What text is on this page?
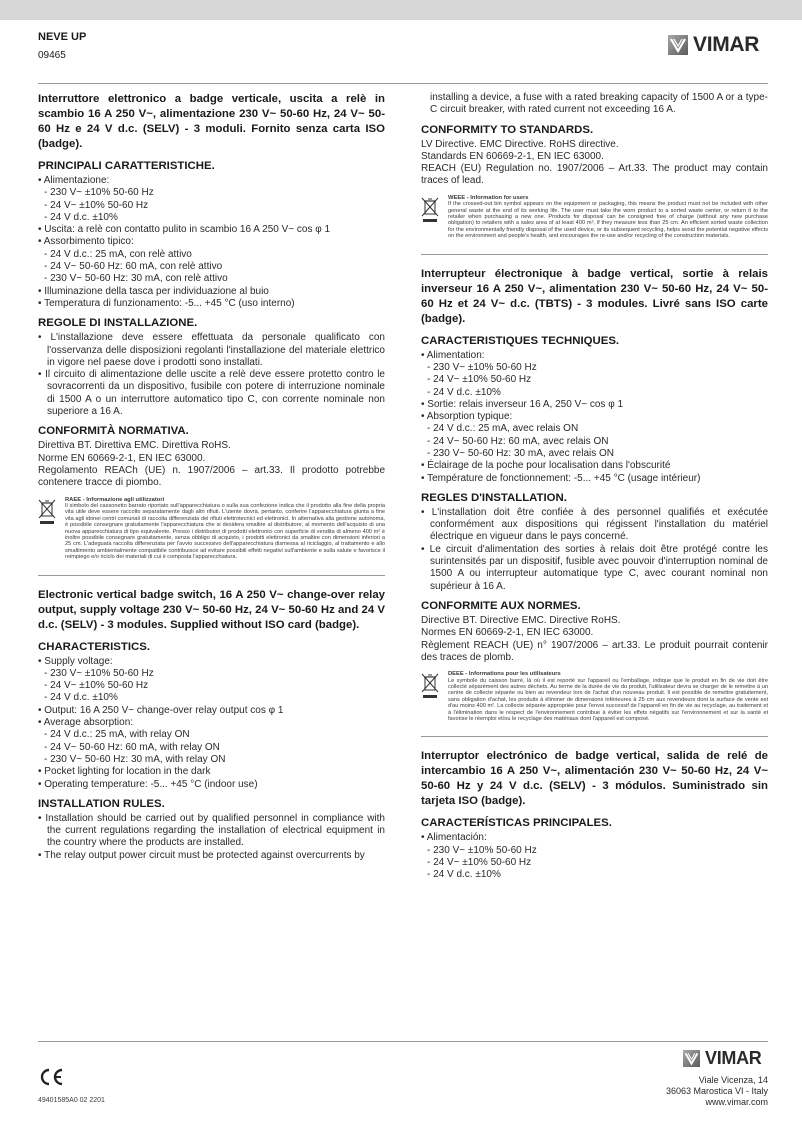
NEVE UP
09465	VIMAR
Interruttore elettronico a badge verticale, uscita a relè in scambio 16 A 250 V~, alimentazione 230 V~ 50-60 Hz, 24 V~ 50-60 Hz e 24 V d.c. (SELV) - 3 moduli. Fornito senza carta ISO (badge).
PRINCIPALI CARATTERISTICHE.
• Alimentazione:
- 230 V~ ±10% 50-60 Hz
- 24 V~ ±10% 50-60 Hz
- 24 V d.c. ±10%
• Uscita: a relè con contatto pulito in scambio 16 A 250 V~ cos φ 1
• Assorbimento tipico:
- 24 V d.c.: 25 mA, con relè attivo
- 24 V~ 50-60 Hz: 60 mA, con relè attivo
- 230 V~ 50-60 Hz: 30 mA, con relè attivo
• Illuminazione della tasca per individuazione al buio
• Temperatura di funzionamento: -5... +45 °C (uso interno)
REGOLE DI INSTALLAZIONE.
• L'installazione deve essere effettuata da personale qualificato con l'osservanza delle disposizioni regolanti l'installazione del materiale elettrico in vigore nel paese dove i prodotti sono installati.
• Il circuito di alimentazione delle uscite a relè deve essere protetto contro le sovracorrenti da un dispositivo, fusibile con potere di interruzione nominale di 1500 A o un interruttore automatico tipo C, con corrente nominale non superiore a 16 A.
CONFORMITÀ NORMATIVA.
Direttiva BT. Direttiva EMC. Direttiva RoHS.
Norme EN 60669-2-1, EN IEC 63000.
Regolamento REACh (UE) n. 1907/2006 – art.33. Il prodotto potrebbe contenere tracce di piombo.
RAEE - Informazione agli utilizzatori
Il simbolo del cassonetto barrato riportato sull'apparecchiatura o sulla sua confezione indica che il prodotto alla fine della propria vita utile deve essere raccolto separatamente dagli altri rifiuti. L'utente dovrà, pertanto, conferire l'apparecchiatura giunta a fine vita agli idonei centri comunali di raccolta differenziata dei rifiuti elettrotecnici ed elettronici. In alternativa alla gestione autonoma, è possibile consegnare gratuitamente l'apparecchiatura che si desidera smaltire al distributore, al momento dell'acquisto di una nuova apparecchiatura di tipo equivalente. Presso i distributori di prodotti elettronici con superficie di vendita di almeno 400 m² è inoltre possibile consegnare gratuitamente, senza obbligo di acquisto, i prodotti elettronici da smaltire con dimensioni inferiori a 25 cm. L'adeguata raccolta differenziata per l'avvio successivo dell'apparecchiatura dismessa al riciclaggio, al trattamento e allo smaltimento ambientalmente compatibile contribuisce ad evitare possibili effetti negativi sull'ambiente e sulla salute e favorisce il reimpiego e/o riciclo dei materiali di cui è composta l'apparecchiatura.
Electronic vertical badge switch, 16 A 250 V~ change-over relay output, supply voltage 230 V~ 50-60 Hz, 24 V~ 50-60 Hz and 24 V d.c. (SELV) - 3 modules. Supplied without ISO card (badge).
CHARACTERISTICS.
• Supply voltage:
- 230 V~ ±10% 50-60 Hz
- 24 V~ ±10% 50-60 Hz
- 24 V d.c. ±10%
• Output: 16 A 250 V~ change-over relay output cos φ 1
• Average absorption:
- 24 V d.c.: 25 mA, with relay ON
- 24 V~ 50-60 Hz: 60 mA, with relay ON
- 230 V~ 50-60 Hz: 30 mA, with relay ON
• Pocket lighting for location in the dark
• Operating temperature: -5... +45 °C (indoor use)
INSTALLATION RULES.
• Installation should be carried out by qualified personnel in compliance with the current regulations regarding the installation of electrical equipment in the country where the products are installed.
• The relay output power circuit must be protected against overcurrents by
installing a device, a fuse with a rated breaking capacity of 1500 A or a type-C circuit breaker, with rated current not exceeding 16 A.
CONFORMITY TO STANDARDS.
LV Directive. EMC Directive. RoHS directive.
Standards EN 60669-2-1, EN IEC 63000.
REACH (EU) Regulation no. 1907/2006 – Art.33. The product may contain traces of lead.
WEEE - Information for users
If the crossed-out bin symbol appears on the equipment or packaging, this means the product must not be included with other general waste at the end of its working life. The user must take the worn product to a sorted waste center, or return it to the retailer when purchasing a new one. Products for disposal can be consigned free of charge (without any new purchase obligation) to retailers with a sales area of at least 400 m², if they measure less than 25 cm. An efficient sorted waste collection for the environmentally friendly disposal of the used device, or its subsequent recycling, helps avoid the potential negative effects on the environment and people's health, and encourages the re-use and/or recycling of the construction materials.
Interrupteur électronique à badge vertical, sortie à relais inverseur 16 A 250 V~, alimentation 230 V~ 50-60 Hz, 24 V~ 50-60 Hz et 24 V~ d.c. (TBTS) - 3 modules. Livré sans ISO carte (badge).
CARACTERISTIQUES TECHNIQUES.
• Alimentation:
- 230 V~ ±10% 50-60 Hz
- 24 V~ ±10% 50-60 Hz
- 24 V d.c. ±10%
• Sortie: relais inverseur 16 A, 250 V~ cos φ 1
• Absorption typique:
- 24 V d.c.: 25 mA, avec relais ON
- 24 V~ 50-60 Hz: 60 mA, avec relais ON
- 230 V~ 50-60 Hz: 30 mA, avec relais ON
• Éclairage de la poche pour localisation dans l'obscurité
• Température de fonctionnement: -5... +45 °C (usage intérieur)
REGLES D'INSTALLATION.
• L'installation doit être confiée à des personnel qualifiés et exécutée conformément aux dispositions qui régissent l'installation du matériel électrique en vigueur dans le pays concerné.
• Le circuit d'alimentation des sorties à relais doit être protégé contre les surintensités par un dispositif, fusible avec pouvoir d'interruption nominal de 1500 A ou interrupteur automatique type C, avec courant nominal non supérieur à 16 A.
CONFORMITE AUX NORMES.
Directive BT. Directive EMC. Directive RoHS.
Normes EN 60669-2-1, EN IEC 63000.
Règlement REACH (UE) n° 1907/2006 – art.33. Le produit pourrait contenir des traces de plomb.
DEEE - Informations pour les utilisateurs
Le symbole du caisson barré, là où il est reporté sur l'appareil ou l'emballage, indique que le produit en fin de vie doit être collecté séparément des autres déchets. Au terme de la durée de vie du produit, l'utilisateur devra se charger de le remettre à un centre de collecte séparée ou bien au revendeur lors de l'achat d'un nouveau produit. Il est possible de remettre gratuitement, sans obligation d'achat, les produits à éliminer de dimensions inférieures à 25 cm aux revendeurs dont la surface de vente est d'au moins 400 m². La collecte séparée appropriée pour l'envoi successif de l'appareil en fin de vie au recyclage, au traitement et à l'élimination dans le respect de l'environnement contribue à éviter les effets négatifs sur l'environnement et sur la santé et favorise le réemploi et/ou le recyclage des matériaux dont l'appareil est composé.
Interruptor electrónico de badge vertical, salida de relé de intercambio 16 A 250 V~, alimentación 230 V~ 50-60 Hz, 24 V~ 50-60 Hz y 24 V d.c. (SELV) - 3 módulos. Suministrado sin tarjeta ISO (badge).
CARACTERÍSTICAS PRINCIPALES.
• Alimentación:
- 230 V~ ±10% 50-60 Hz
- 24 V~ ±10% 50-60 Hz
- 24 V d.c. ±10%
49401585A0 02 2201
VIMAR
Viale Vicenza, 14
36063 Marostica VI - Italy
www.vimar.com
